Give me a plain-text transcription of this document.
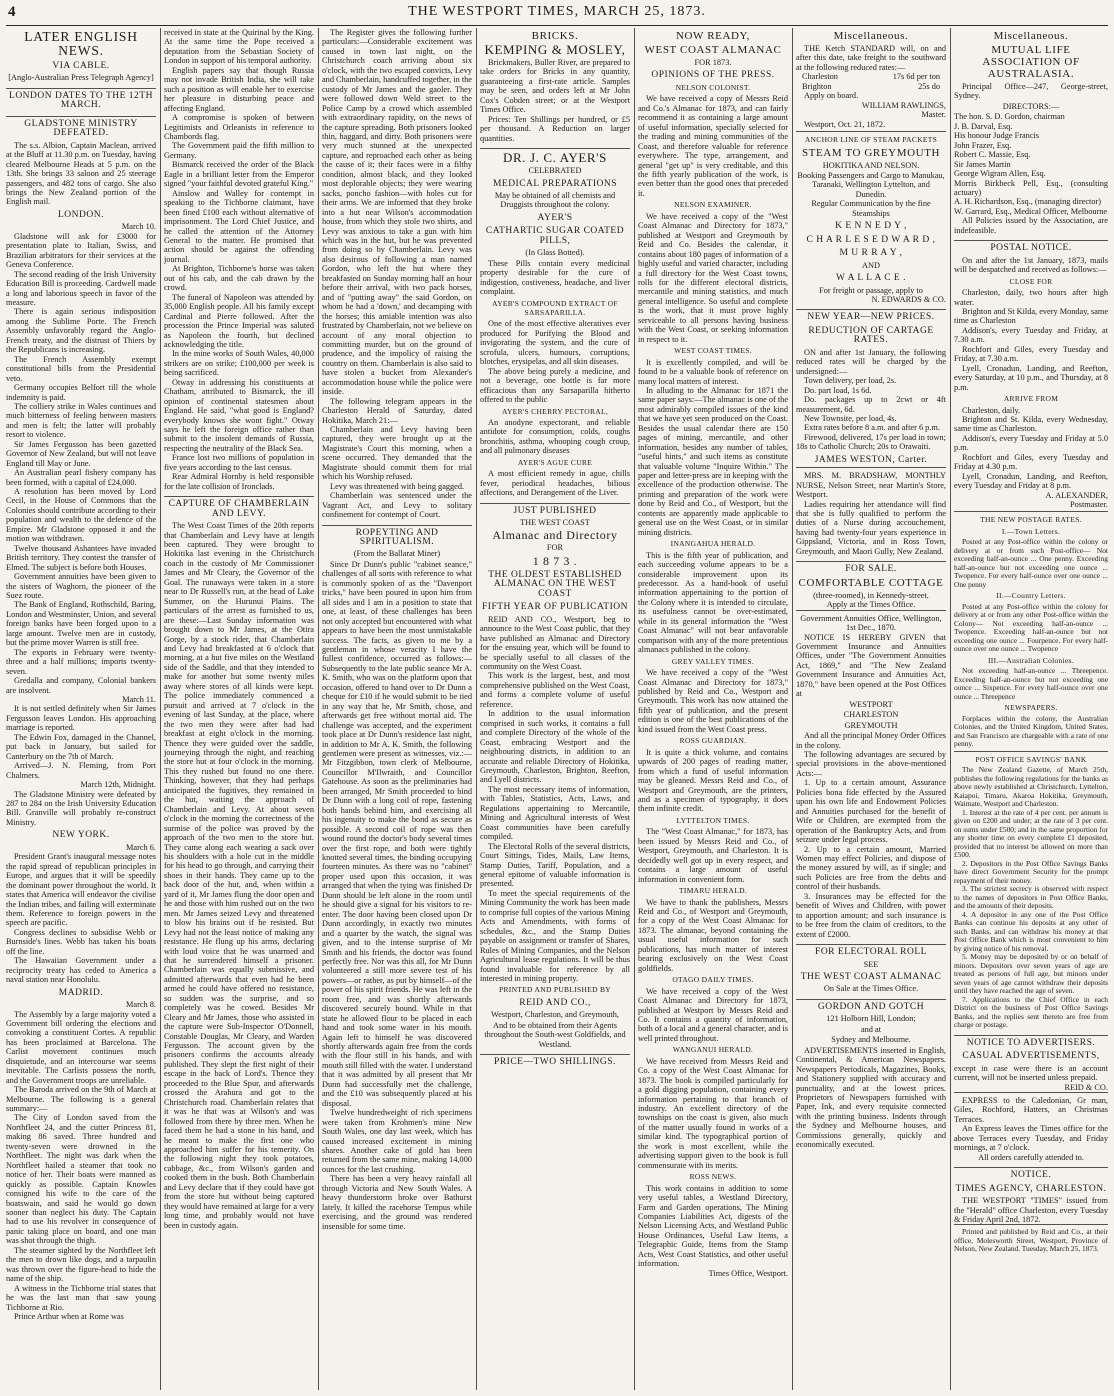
4	THE WESTPORT TIMES, MARCH 25, 1873.
LATER ENGLISH NEWS.
VIA CABLE.

[Anglo-Australian Press Telegraph Agency]

LONDON DATES TO THE 12TH MARCH.
GLADSTONE MINISTRY DEFEATED.

The s.s. Albion, Captain Maclean, arrived at the Bluff at 11.30 p.m. on Tuesday, having cleared Melbourne Heads at 5 p.m. on the 13th. She brings 33 saloon and 25 steerage passengers, and 482 tons of cargo. She also brings the New Zealand portion of the English mail.

LONDON.
March 10.

Gladstone will ask for £3000 for presentation plate to Italian, Swiss, and Brazilian arbitrators for their services at the Geneva Conference.

The second reading of the Irish University Education Bill is proceeding. Cardwell made a long and laborious speech in favor of the measure.

There is again serious indisposition among the Sublime Porte. The French Assembly unfavorably regard the Anglo-French treaty, and the distrust of Thiers by the Republicans is increasing.

The French Assembly exempt constitutional bills from the Presidential veto.

Germany occupies Belfort till the whole indemnity is paid.

The colliery strike in Wales continues and much bitterness of feeling between masters and men is felt; the latter will probably resort to violence.

Sir James Fergusson has been gazetted Governor of New Zealand, but will not leave England till May or June.

An Australian pearl fishery company has been formed, with a capital of £24,000.

A resolution has been moved by Lord Cecil, in the House of Commons that the Colonies should contribute according to their population and wealth to the defence of the Empire. Mr Gladstone opposed it and the motion was withdrawn.

Twelve thousand Ashantees have invaded British territory. They contest the transfer of Elmed. The subject is before both Houses.

Government annuities have been given to the sisters of Waghorn, the pioneer of the Suez route.

The Bank of England, Rothschild, Baring, London and Westminster, Union, and several foreign banks have been forged upon to a large amount. Twelve men are in custody, but the prime mover Warren is still free.

The exports in February were twenty-three and a half millions; imports twenty-seven.

Gredalla and company, Colonial bankers are insolvent.

March 11.

It is not settled definitely when Sir James Fergusson leaves London. His approaching marriage is reported.

The Edwin Fox, damaged in the Channel, put back in January, but sailed for Canterbury on the 7th of March.

Arrived—J. N. Fleming, from Port Chalmers.

March 12th, Midnight.

The Gladstone Ministry were defeated by 287 to 284 on the Irish University Education Bill. Granville will probably re-construct Ministry.

NEW YORK.
March 6.

President Grant's inaugural message notes the rapid spread of republican principles in Europe, and argues that it will be speedily the dominant power throughout the world. It states that America will endeavor the civilise the Indian tribes, and failing will exterminate them. Reference to foreign powers in the speech are pacific.

Congress declines to subsidise Webb or Burnside's lines. Webb has taken his boats off the line.

The Hawaiian Government under a reciprocity treaty has ceded to America a naval station near Honolulu.

MADRID.
March 8.

The Assembly by a large majority voted a Government bill ordering the elections and convoking a constituent Cortes. A republic has been proclaimed at Barcelona. The Carlist movement continues much disquietude, and an intercourse war seems inevitable. The Carlists possess the north, and the Government troops are unreliable.

The Baroda arrived on the 9th of March at Melbourne. The following is a general summary:—

The City of London saved from the Northfleet 24, and the cutter Princess 81, making 86 saved. Three hundred and twenty-seven were drowned in the Northfleet. The night was dark when the Northfleet hailed a steamer that took no notice of her. Their boats were manned as quickly as possible. Captain Knowles consigned his wife to the care of the boatswain, and said he would go down sooner than neglect his duty. The Captain had to use his revolver in consequence of panic taking place on board, and one man was shot through the thigh.

The steamer sighted by the Northfleet left the men to drown like dogs, and a tarpaulin was thrown over the figure-head to hide the name of the ship.

A witness in the Tichborne trial states that he was the last man that saw young Tichborne at Rio.

Prince Arthur when at Rome was

received in state at the Quirinal by the King. At the same time the Pope received a deputation from the Sebastian Society of London in support of his temporal authority.

English papers say that though Russia may not invade British India, she will take such a position as will enable her to exercise her pleasure in disturbing peace and affecting England.

A compromise is spoken of between Legitimists and Orleanists in reference to Chambords flag.

The Government paid the fifth million to Germany.

Bismarck received the order of the Black Eagle in a brilliant letter from the Emperor signed "your faithful devoted grateful King."

Ainslow and Walley for contempt in speaking to the Tichborne claimant, have been fined £100 each without alternative of imprisonment. The Lord Chief Justice, and he called the attention of the Attorney General to the matter. He promised that action should be against the offending journal.

At Brighton, Tichborne's horse was taken out of his cab, and the cab drawn by the crowd.

The funeral of Napoleon was attended by 35,000 English people. All his family except Cardinal and Pierre followed. After the procession the Prince Imperial was saluted as Napoleon the fourth, but declined acknowledging the title.

In the mine works of South Wales, 40,000 strikers are on strike; £100,000 per week is being sacrificed.

Otway in addressing his constituents at Chatham, attributed to Bismarck, the ill opinion of continental statesmen about England. He said, "what good is England? everybody knows she wont fight." Otway says he left the foreign office rather than submit to the insolent demands of Russia, respecting the neutrality of the Black Sea.

France lost two millions of population in five years according to the last census.

Rear Admiral Hornby is held responsible for the late collision of Ironclads.

CAPTURE OF CHAMBERLAIN AND LEVY.

The West Coast Times of the 20th reports that Chamberlain and Levy have at length been captured. They were brought to Hokitika last evening in the Christchurch coach in the custody of Mr Commissioner James and Mr Cleary, the Governor of the Goal. The runaways were taken in a store near to Dr Russell's run, at the head of Lake Summer, on the Hurunui Plains. The particulars of the arrest as furnished to us, are these:—Last Sunday information was brought down to Mr James, at the Otira Gorge, by a stock rider, that Chamberlain and Levy had breakfasted at 6 o'clock that morning, at a hut five miles on the Westland side of the Saddle, and that they intended to make for another hut some twenty miles away where stores of all kinds were kept. The police immediately commenced a pursuit and arrived at 7 o'clock in the evening of last Sunday, at the place, where the two men they were after had had breakfast at eight o'clock in the morning. Thence they were guided over the saddle, journeying through the night, and reaching the store hut at four o'clock in the morning. This they rushed but found no one there. Thinking, however, that they had perhaps anticipated the fugitives, they remained in the hut, waiting the approach of Chamberlain and Levy. At about seven o'clock in the morning the correctness of the surmise of the police was proved by the approach of the two men to the store hut. They came along each wearing a sack over his shoulders with a hole cut in the middle for his head to go through, and carrying their shoes in their hands. They came up to the back door of the hut, and, when within a yard of it, Mr James flung the door open and he and those with him rushed out on the two men. Mr James seized Levy and threatened to blow his brains out if he resisted. But Levy had not the least notice of making any resistance. He flung up his arms, declaring with loud voice that he was unarmed and that he surrendered himself a prisoner. Chamberlain was equally submissive, and admitted afterwards that even had he been armed he could have offered no resistance, so sudden was the surprise, and so completely was he cowed. Besides Mr Cleary and Mr James, those who assisted in the capture were Sub-Inspector O'Donnell, Constable Douglas, Mr Cleary, and Warden Fergusson. The account given by the prisoners confirms the accounts already published. They slept the first night of their escape in the back of Lord's. Thence they proceeded to the Blue Spur, and afterwards crossed the Arahura and got to the Christchurch road. Chamberlain relates that it was he that was at Wilson's and was followed from there by three men. When he faced them he had a stone in his hand, and he meant to make the first one who approached him suffer for his temerity. On the following night they took potatoes, cabbage, &c., from Wilson's garden and cooked them in the bush. Both Chamberlain and Levy declare that if they could have got from the store hut without being captured they would have remained at large for a very long time, and probably would not have been in custody again.

The Register gives the following further particulars:—Considerable excitement was caused in town last night, on the Christchurch coach arriving about six o'clock, with the two escaped convicts, Levy and Chamberlain, handcuffed together, in the custody of Mr James and the gaoler. They were followed down Weld street to the Police Camp by a crowd which assembled with extraordinary rapidity, on the news of the capture spreading. Both prisoners looked thin, haggard, and dirty. Both prisoners were very much stunned at the unexpected capture, and reproached each other as being the cause of it; their faces were in a filthy condition, almost black, and they looked most deplorable objects; they were wearing sacks, poncho fashion—with holes cut for their arms. We are informed that they broke into a hut near Wilson's accommodation house, from which they stole two shirts, and Levy was anxious to take a gun with him which was in the hut, but he was prevented from doing so by Chamberlain. Levy was also desirous of following a man named Gordon, who left the hut where they breakfasted on Sunday morning half an hour before their arrival, with two pack horses, and of "putting away" the said Gordon, on whom he had a 'down,' and decamping with the horses; this amiable intention was also frustrated by Chamberlain, not we believe on account of any moral objection to committing murder, but on the ground of prudence, and the impolicy of raising the country on them. Chamberlain is also said to have stolen a bucket from Alexander's accommodation house while the police were inside.

The following telegram appears in the Charleston Herald of Saturday, dated Hokitika, March 21:—

Chamberlain and Levy having been captured, they were brought up at the Magistrate's Court this morning, when a scene occurred. They demanded that the Magistrate should commit them for trial which his Worship refused.

Levy was threatened with being gagged.

Chamberlain was sentenced under the Vagrant Act, and Levy to solitary confinement for contempt of Court.

ROPEYTING AND SPIRITUALISM.
(From the Ballarat Miner)

Since Dr Dunn's public "cabinet seance," challenges of all sorts with reference to what is commonly spoken of as the "Davenport tricks," have been poured in upon him from all sides and I am in a position to state that one, at least, of these challenges has been not only accepted but encountered with what appears to have been the most unmistakable success. The facts, as given to me by a gentleman in whose veracity I have the fullest confidence, occurred as follows:—Subsequently to the late public seance Mr A. K. Smith, who was on the platform upon that occasion, offered to hand over to Dr Dunn a cheque for £10 if he would submit to be tied in any way that he, Mr Smith, chose, and afterwards get free without mortal aid. The challenge was accepted, and the experiment took place at Dr Dunn's residence last night, in addition to Mr A. K. Smith, the following gentlemen were present as witnesses, viz.:—Mr Fitzgibbon, town clerk of Melbourne, Councillor M'Ilwraith, and Councillor Gatehouse. As soon as the preliminaries had been arranged, Mr Smith proceeded to bind Dr Dunn with a long coil of rope, fastening both hands behind him, and exercising all his ingenuity to make the bond as secure as possible. A second coil of rope was then wound round the doctor's body several times over the first rope, and both were tightly knotted several times, the binding occupying fourteen minutes. As there was no "cabinet" proper used upon this occasion, it was arranged that when the tying was finished Dr Dunn should be left alone in the room until he should give a signal for his visitors to re-enter. The door having been closed upon Dr Dunn accordingly, in exactly two minutes and a quarter by the watch, the signal was given, and to the intense surprise of Mr Smith and his friends, the doctor was found perfectly free. Nor was this all, for Mr Dunn volunteered a still more severe test of his powers—or rather, as put by himself—of the power of his spirit friends. He was left in the room free, and was shortly afterwards discovered securely bound. While in that state he allowed flour to be placed in each hand and took some water in his mouth. Again left to himself he was discovered shortly afterwards again free from the cords with the flour still in his hands, and with mouth still filled with the water. I understand that it was admitted by all present that Mr Dunn had successfully met the challenge, and the £10 was subsequently placed at his disposal.

Twelve hundredweight of rich specimens were taken from Krohmen's mine New South Wales, one day last week, which has caused increased excitement in mining shares. Another cake of gold has been returned from the same mine, making 14,000 ounces for the last crushing.

There has been a very heavy rainfall all through Victoria and New South Wales. A heavy thunderstorm broke over Bathurst lately. It killed the racehorse Tempus while exercising, and the ground was rendered insensible for some time.

BRICKS.
KEMPING & MOSLEY,

Brickmakers, Buller River, are prepared to take orders for Bricks in any quantity, guaranteeing a first-rate article. Samples may be seen, and orders left at Mr John Cox's Cobden street; or at the Westport Times Office.

Prices: Ten Shillings per hundred, or £5 per thousand. A Reduction on larger quantities.

DR. J. C. AYER'S
CELEBRATED
MEDICAL PREPARATIONS

May be obtained of all chemists and Druggists throughout the colony.

AYER'S
CATHARTIC SUGAR COATED PILLS,
(In Glass Botted).

These Pills contain every medicinal property desirable for the cure of indigestion, costiveness, headache, and liver complaint.

AYER'S COMPOUND EXTRACT OF SARSAPARILLA.

One of the most effective alteratives ever produced for Purifying the Blood and invigorating the system, and the cure of scrofula, ulcers, humours, corruptions, blotches, erysipelas, and all skin diseases.

The above being purely a medicine, and not a beverage, one bottle is far more efficacious than any Sarsaparilla hitherto offered to the public

AYER'S CHERRY PECTORAL,

An anodyne expectorant, and reliable antidote for consumption, colds, coughs bronchitis, asthma, whooping cough croup, and all pulmonary diseases

AYER'S AGUE CURE

A most efficient remedy in ague, chills fever, periodical headaches, bilious affections, and Derangement of the Liver.

JUST PUBLISHED
THE WEST COAST
Almanac and Directory
FOR
1 8 7 3 .
THE OLDEST ESTABLISHED ALMANAC ON THE WEST COAST
FIFTH YEAR OF PUBLICATION

REID AND CO., Westport, beg to announce to the West Coast public, that they have published an Almanac and Directory for the ensuing year, which will be found to be specially useful to all classes of the community on the West Coast.

This work is the largest, best, and most comprehensive published on the West Coast, and forms a complete volume of useful reference.

In addition to the usual information comprised in such works, it contains a full and complete Directory of the whole of the Coast, embracing Westport and the neighbouring districts, in addition to an accurate and reliable Directory of Hokitika, Greymouth, Charleston, Brighton, Reefton, and Lyell districts.

The most necessary items of information, with Tables, Statistics, Acts, Laws, and Regulations appertaining to Mercantile, Mining and Agricultural interests of West Coast communities have been carefully compiled.

The Electoral Rolls of the several districts, Court Sittings, Tides, Mails, Law Items, Stamp Duties, Tariff, Population, and a general epitome of valuable information is presented.

To meet the special requirements of the Mining Community the work has been made to comprise full copies of the various Mining Acts and Amendments, with forms of schedules, &c., and the Stamp Duties payable on assignment or transfer of Shares, Rules of Mining Companies, and the Nelson Agricultural lease regulations. It will be thus found invaluable for reference by all interested in mining property.

PRINTED AND PUBLISHED BY
REID AND CO.,
Westport, Charleston, and Greymouth,

And to be obtained from their Agents throughout the South-west Goldfields, and Westland.

PRICE—TWO SHILLINGS.
NOW READY,
WEST COAST ALMANAC
FOR 1873.
OPINIONS OF THE PRESS.
NELSON COLONIST.

We have received a copy of Messrs Reid and Co.'s Almanac for 1873, and can fairly recommend it as containing a large amount of useful information, specially selected for the trading and mining communities of the Coast, and therefore valuable for reference everywhere. The type, arrangement, and general "get up" is very creditable, and this the fifth yearly publication of the work, is even better than the good ones that preceded it.

NELSON EXAMINER.

We have received a copy of the "West Coast Almanac and Directory for 1873," published at Westport and Greymouth by Reid and Co. Besides the calendar, it contains about 180 pages of information of a highly useful and varied character, including a full directory for the West Coast towns, rolls for the different electoral districts, mercantile and mining statistics, and much general intelligence. So useful and complete is the work, that it must prove highly serviceable to all persons having business with the West Coast, or seeking information in respect to it.

WEST COAST TIMES.

It is excellently compiled, and will be found to be a valuable book of reference on many local matters of interest.

In alluding to the Almanac for 1871 the same paper says:—The almanac is one of the most admirably compiled issues of the kind that we have yet seen produced on the Coast. Besides the usual calendar there are 150 pages of mining, mercantile, and other information, besides any number of tables, "useful hints," and such items as constitute that valuable volume "Inquire Within." The paper and letter-press are in keeping with the excellence of the production otherwise. The printing and preparation of the work were done by Reid and Co., of Westport, but the contents are apparently made applicable to general use on the West Coast, or in similar mining districts.

INANGAHUA HERALD.

This is the fifth year of publication, and each succeeding volume appears to be a considerable improvement upon its predecessor. As a hand-book of useful information appertaining to the portion of the Colony where it is intended to circulate, its usefulness cannot be over-estimated, while in its general information the "West Coast Almanac" will not bear unfavorable comparison with any of the more pretentious almanacs published in the colony.

GREY VALLEY TIMES.

We have received a copy of the "West Coast Almanac and Directory for 1873," published by Reid and Co., Westport and Greymouth. This work has now attained the fifth year of publication, and the present edition is one of the best publications of the kind issued from the West Coast press.

ROSS GUARDIAN.

It is quite a thick volume, and contains upwards of 200 pages of reading matter, from which a fund of useful information may be gleaned. Messrs Reid and Co., of Westport and Greymouth, are the printers, and as a specimen of typography, it does them infinite credit.

LYTTELTON TIMES.

The "West Coast Almanac," for 1873, has been issued by Messrs Reid and Co., of Westport, Greymouth, and Charleston. It is decidedly well got up in every respect, and contains a large amount of useful information in convenient form.

TIMARU HERALD.

We have to thank the publishers, Messrs Reid and Co., of Westport and Greymouth, for a copy of the West Coast Almanac for 1873. The almanac, beyond containing the usual useful information for such publications, has much matter of interest bearing exclusively on the West Coast goldfields.

OTAGO DAILY TIMES.

We have received a copy of the West Coast Almanac and Directory for 1873, published at Westport by Messrs Reid and Co. It contains a quantity of information, both of a local and a general character, and is well printed throughout.

WANGANUI HERALD.

We have received from Messrs Reid and Co. a copy of the West Coast Almanac for 1873. The book is compiled particularly for a gold digging population, containing every information pertaining to that branch of industry. An excellent directory of the townships on the coast is given, also much of the matter usually found in works of a similar kind. The typographical portion of the work is most excellent, while the advertising support given to the book is full commensurate with its merits.

ROSS NEWS.

This work contains in addition to some very useful tables, a Westland Directory, Farm and Garden operations, The Mining Companies Liabilities Act, digests of the Nelson Licensing Acts, and Westland Public House Ordinances, Useful Law Items, a Telegraphic Guide, Items from the Stamp Acts, West Coast Statistics, and other useful information.

Times Office, Westport.
Miscellaneous.

THE Ketch STANDARD will, on and after this date, take freight to the southward at the following reduced rates:—

Charleston	17s 6d per ton
Brighton	25s do

Apply on board.

WILLIAM RAWLINGS,
Master.

Westport, Oct. 21, 1872.

ANCHOR LINE OF STEAM PACKETS
STEAM TO GREYMOUTH
HOKITIKA AND NELSON.

Booking Passengers and Cargo to Manukau, Taranaki, Wellington Lyttelton, and Dunedin.

Regular Communication by the fine Steamships

K E N N E D Y ,
C H A R L E S E D W A R D ,
M U R R A Y ,
AND
W A L L A C E .

For freight or passage, apply to

N. EDWARDS & CO.
NEW YEAR—NEW PRICES.
REDUCTION OF CARTAGE RATES.

ON and after 1st January, the following reduced rates will be charged by the undersigned:—

Town delivery, per load, 2s.

Do. part load, 1s 6d.

Do. packages up to 2cwt or 4ft measurement, 6d.

New Townsite, per load, 4s.

Extra rates before 8 a.m. and after 6 p.m.

Firewood, delivered, 17s per load in town; 18s to Catholic Church; 20s to Orawaiti.

JAMES WESTON, Carter.

MRS. M. BRADSHAW, MONTHLY NURSE, Nelson Street, near Martin's Store, Westport.

Ladies requiring her attendance will find that she is fully qualified to perform the duties of a Nurse during accouchement, having had twenty-four years experience in Gippsland, Victoria, and in Ross Town, Greymouth, and Maori Gully, New Zealand.

FOR SALE.
COMFORTABLE COTTAGE

(three-roomed), in Kennedy-street.

Apply at the Times Office.

Government Annuities Office, Wellington, 1st Dec., 1870.

NOTICE IS HEREBY GIVEN that Government Insurance and Annuities Offices, under "The Government Annuities Act, 1869," and "The New Zealand Government Insurance and Annuities Act, 1870," have been opened at the Post Offices at

WESTPORT
CHARLESTON
GREYMOUTH

And all the principal Money Order Offices in the colony.

The following advantages are secured by special provisions in the above-mentioned Acts:—

1. Up to a certain amount, Assurance Policies bona fide effected by the Assured upon his own life and Endowment Policies and Annuities purchased for the benefit of Wife or Children, are exempted from the operation of the Bankruptcy Acts, and from seizure under legal process.

2. Up to a certain amount, Married Women may effect Policies, and dispose of the money assured by will, as if single; and such Policies are free from the debts and control of their husbands.

3. Insurances may be effected for the benefit of Wives and Children, with power to apportion amount; and such insurance is to be free from the claim of creditors, to the extent of £2000.

FOR ELECTORAL ROLL
SEE
THE WEST COAST ALMANAC

On Sale at the Times Office.

GORDON AND GOTCH
121 Holborn Hill, London;
and at
Sydney and Melbourne.

ADVERTISEMENTS inserted in English, Continental, & American Newspapers. Newspapers Periodicals, Magazines, Books, and Stationery supplied with accuracy and punctuality, and at the lowest prices. Proprietors of Newspapers furnished with Paper, Ink, and every requisite connected with the printing business. Indents through the Sydney and Melbourne houses, and Commissions generally, quickly and economically executed.

Miscellaneous.
MUTUAL LIFE ASSOCIATION OF AUSTRALASIA.

Principal Office—247, George-street, Sydney.

DIRECTORS:—

The hon. S. D. Gordon, chairman

J. B. Darval, Esq.

His honour Judge Francis

John Frazer, Esq.

Robert C. Massie, Esq.

Sir James Martin

George Wigram Allen, Esq.

Morris Birkbeck Pell, Esq., (consulting actuary)

A. H. Richardson, Esq., (managing director)

W. Garrard, Esq., Medical Officer, Melbourne

All Policies issued by the Association, are indefeasible.

POSTAL NOTICE.

On and after the 1st January, 1873, mails will be despatched and received as follows:—

CLOSE FOR

Charleston, daily, two hours after high water.

Brighton and St Kilda, every Monday, same time as Charleston

Addison's, every Tuesday and Friday, at 7.30 a.m.

Rochfort and Giles, every Tuesday and Friday, at 7.30 a.m.

Lyell, Cronadun, Landing, and Reefton, every Saturday, at 10 p.m., and Thursday, at 8 p.m.

ARRIVE FROM

Charleston, daily.

Brighton and St. Kilda, every Wednesday, same time as Charleston.

Addison's, every Tuesday and Friday at 5.0 p.m.

Rochfort and Giles, every Tuesday and Friday at 4.30 p.m.

Lyell, Cronadun, Landing, and Reefton, every Tuesday and Friday at 8 p.m.

A. ALEXANDER,
Postmaster.
THE NEW POSTAGE RATES.
I.—Town Letters.

Posted at any Post-office within the colony or delivery at or from such Post-office— Not exceeding half-an-ounce ... One penny. Exceeding half-an-ounce but not exceeding one ounce ... Twopence. For every half-ounce over one ounce ... One penny

II.—Country Letters.

Posted at any Post-office within the colony for delivery at or from any other Post-office within the Colony— Not exceeding half-an-ounce ... Twopence. Exceeding half-an-ounce but not exceeding one ounce ... Fourpence. For every half-ounce over one ounce ... Twopence

III.—Australian Colonies.

Not exceeding half-an-ounce ... Threepence. Exceeding half-an-ounce but not exceeding one ounce ... Sixpence. For every half-ounce over one ounce ... Threepence

NEWSPAPERS.

Forplaces within the colony, the Australian Colonies, and the United Kingdom, United States, and San Francisco are chargeable with a rate of one penny.

POST OFFICE SAVINGS' BANK

The New Zealand Gazette, of March 25th, publishes the following regulations for the banks as above newly established at Christchurch, Lyttelton, Kaiapoi, Timaru, Akaroa Hokitika, Greymouth, Waimate, Westport and Charleston.

1. Interest at the rate of 4 per cent. per annum is given on £200 and under; at the rate of 3 per cent. on sums under £500; and in the same proportion for any shorter time on every complete £1 deposited, provided that no interest be allowed on more than £500.

2. Depositors in the Post Office Savings Banks have direct Government Security for the prompt repayment of their money.

3. The strictest secrecy is observed with respect to the names of depositors in Post Office Banks, and the amounts of their deposits.

4. A depositor in any one of the Post Office Banks can continue his deposits at any other of such Banks, and can withdraw his money at that Post Office Bank which is most convenient to him by giving notice of his removal.

5. Money may be deposited by or on behalf of minors. Depositors over seven years of age are treated as persons of full age, but minors under seven years of age cannot withdraw their deposits until they have reached the age of seven.

7. Applications to the Chief Office in each District on the business of Post Office Savings Banks, and the replies sent thereto are free from charge or postage.

NOTICE TO ADVERTISERS.
CASUAL ADVERTISEMENTS,

except in case were there is an account current, will not be inserted unless prepaid.

REID & CO.

EXPRESS to the Caledonian, Gr man, Giles, Rochford, Hatters, an Christmas Terraces.

An Express leaves the Times office for the above Terraces every Tuesday, and Friday mornings, at 7 o'clock.

All orders carefully attended to.

NOTICE.
TIMES AGENCY, CHARLESTON.

THE WESTPORT "TIMES" issued from the "Herald" office Charleston, every Tuesday & Friday April 2nd, 1872.

Printed and published by Reid and Co., at their office, Molesworth Street, Westport, Province of Nelson, New Zealand. Tuesday, March 25, 1873.
